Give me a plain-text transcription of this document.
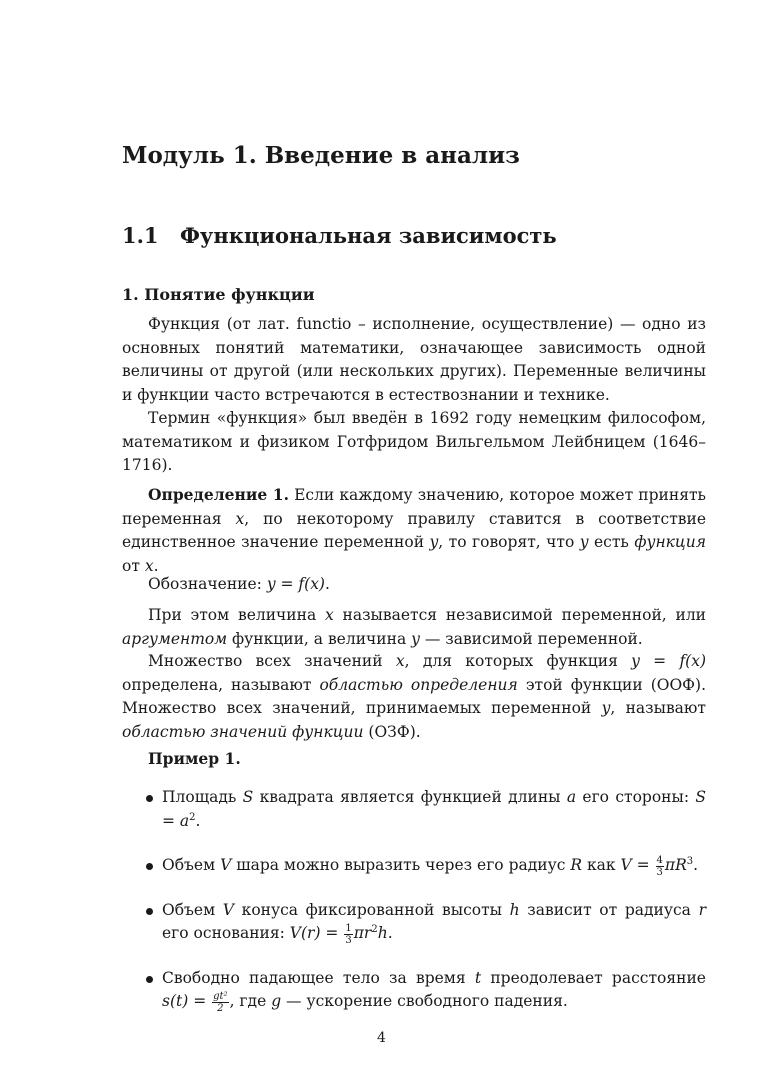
Модуль 1. Введение в анализ
1.1 Функциональная зависимость
1. Понятие функции
Функция (от лат. functio – исполнение, осуществление) — одно из основных понятий математики, означающее зависимость одной величины от другой (или нескольких других). Переменные величины и функции часто встречаются в естествознании и технике.
Термин «функция» был введён в 1692 году немецким философом, математиком и физиком Готфридом Вильгельмом Лейбницем (1646–1716).
Определение 1. Если каждому значению, которое может принять переменная x, по некоторому правилу ставится в соответствие единственное значение переменной y, то говорят, что y есть функция от x.
Обозначение: y = f(x).
При этом величина x называется независимой переменной, или аргументом функции, а величина y — зависимой переменной.
Множество всех значений x, для которых функция y = f(x) определена, называют областью определения этой функции (ООФ). Множество всех значений, принимаемых переменной y, называют областью значений функции (ОЗФ).
Пример 1.
Площадь S квадрата является функцией длины a его стороны: $S = a^2$.
Объем V шара можно выразить через его радиус R как $V = \frac{4}{3} \pi R^3$.
Объем V конуса фиксированной высоты h зависит от радиуса r его основания: $V(r) = \frac{1}{3} \pi r^2h$.
Свободно падающее тело за время t преодолевает расстояние $s(t) = \frac{\text{gt²}}{2}$ , где g — ускорение свободного падения.
4
